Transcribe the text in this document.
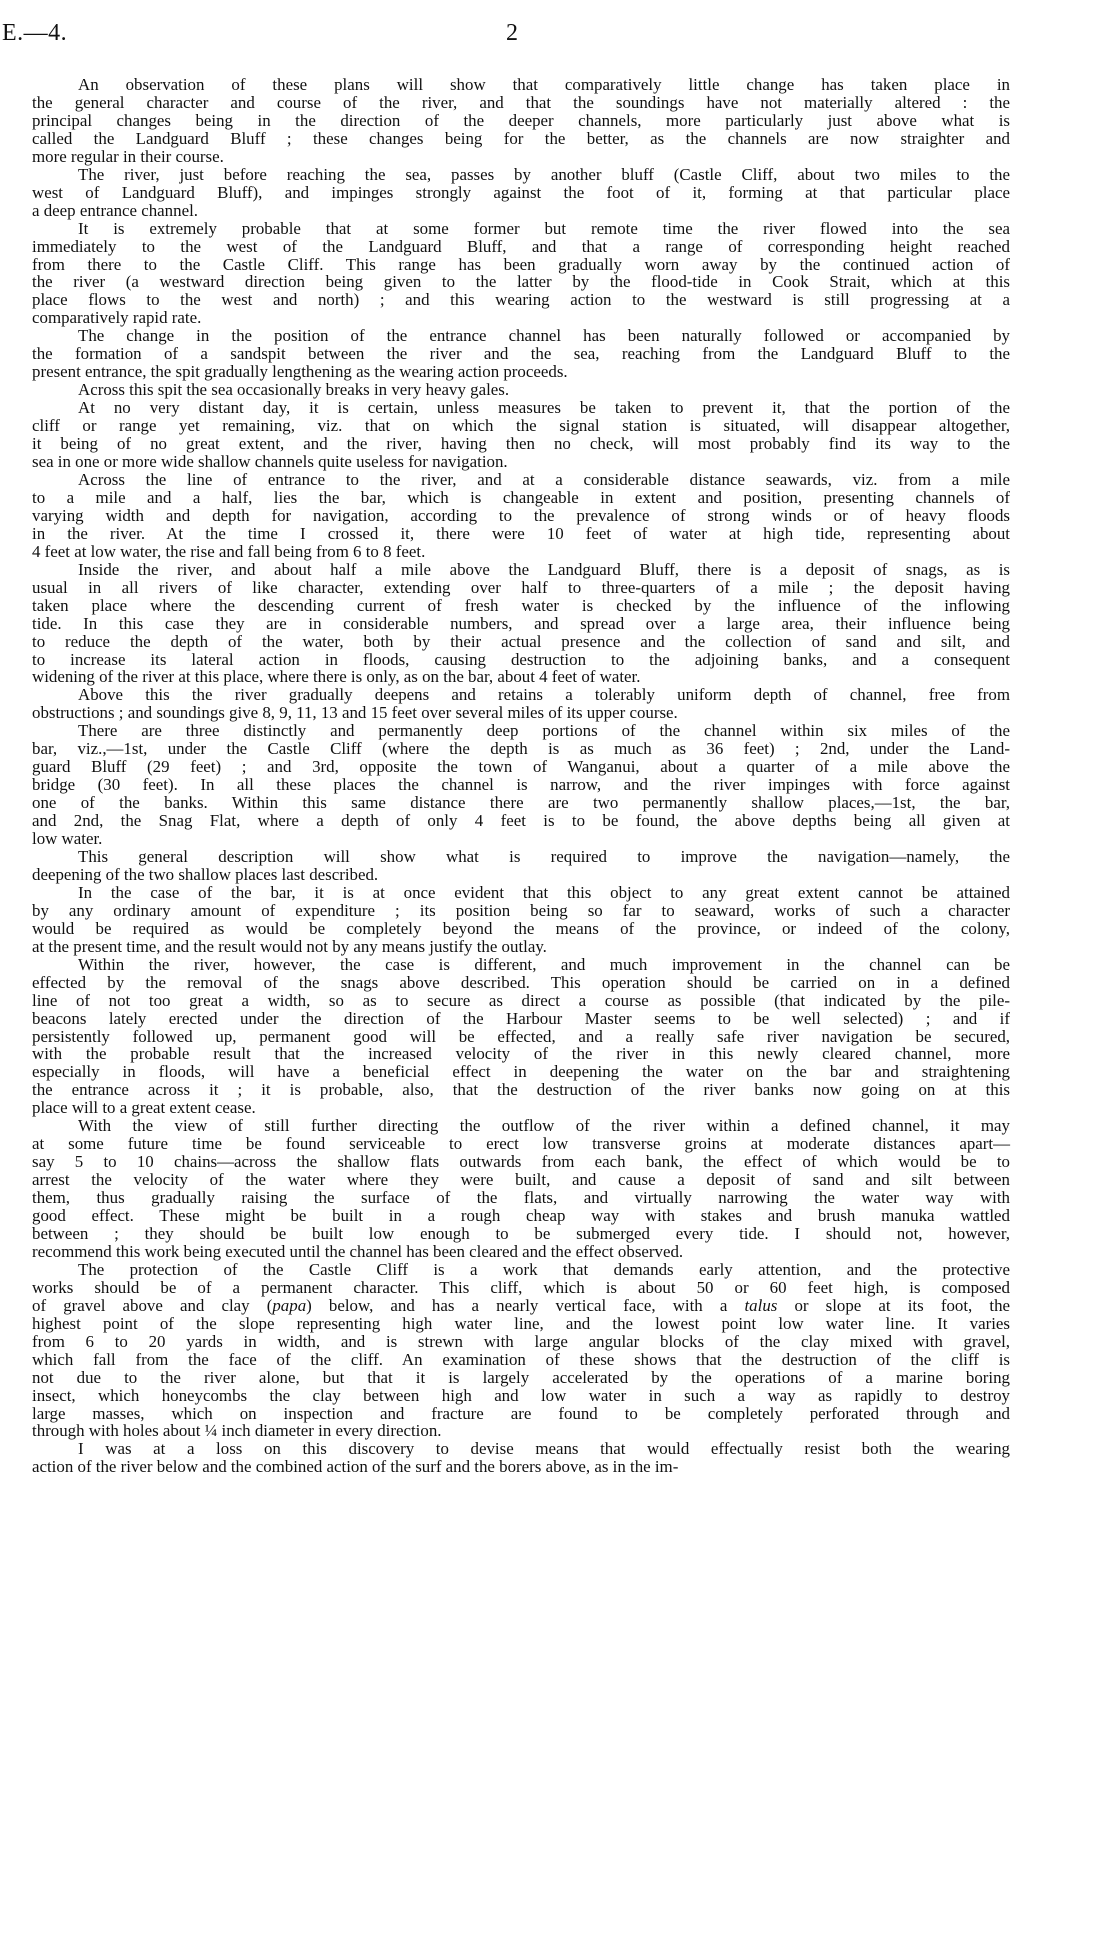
E.—4.	2
An observation of these plans will show that comparatively little change has taken place in
the general character and course of the river, and that the soundings have not materially altered : the
principal changes being in the direction of the deeper channels, more particularly just above what is
called the Landguard Bluff ; these changes being for the better, as the channels are now straighter and
more regular in their course.
The river, just before reaching the sea, passes by another bluff (Castle Cliff, about two miles to the
west of Landguard Bluff), and impinges strongly against the foot of it, forming at that particular place
a deep entrance channel.
It is extremely probable that at some former but remote time the river flowed into the sea
immediately to the west of the Landguard Bluff, and that a range of corresponding height reached
from there to the Castle Cliff. This range has been gradually worn away by the continued action of
the river (a westward direction being given to the latter by the flood-tide in Cook Strait, which at this
place flows to the west and north) ; and this wearing action to the westward is still progressing at a
comparatively rapid rate.
The change in the position of the entrance channel has been naturally followed or accompanied by
the formation of a sandspit between the river and the sea, reaching from the Landguard Bluff to the
present entrance, the spit gradually lengthening as the wearing action proceeds.
Across this spit the sea occasionally breaks in very heavy gales.
At no very distant day, it is certain, unless measures be taken to prevent it, that the portion of the
cliff or range yet remaining, viz. that on which the signal station is situated, will disappear altogether,
it being of no great extent, and the river, having then no check, will most probably find its way to the
sea in one or more wide shallow channels quite useless for navigation.
Across the line of entrance to the river, and at a considerable distance seawards, viz. from a mile
to a mile and a half, lies the bar, which is changeable in extent and position, presenting channels of
varying width and depth for navigation, according to the prevalence of strong winds or of heavy floods
in the river. At the time I crossed it, there were 10 feet of water at high tide, representing about
4 feet at low water, the rise and fall being from 6 to 8 feet.
Inside the river, and about half a mile above the Landguard Bluff, there is a deposit of snags, as is
usual in all rivers of like character, extending over half to three-quarters of a mile ; the deposit having
taken place where the descending current of fresh water is checked by the influence of the inflowing
tide. In this case they are in considerable numbers, and spread over a large area, their influence being
to reduce the depth of the water, both by their actual presence and the collection of sand and silt, and
to increase its lateral action in floods, causing destruction to the adjoining banks, and a consequent
widening of the river at this place, where there is only, as on the bar, about 4 feet of water.
Above this the river gradually deepens and retains a tolerably uniform depth of channel, free from
obstructions ; and soundings give 8, 9, 11, 13 and 15 feet over several miles of its upper course.
There are three distinctly and permanently deep portions of the channel within six miles of the
bar, viz.,—1st, under the Castle Cliff (where the depth is as much as 36 feet) ; 2nd, under the Land-
guard Bluff (29 feet) ; and 3rd, opposite the town of Wanganui, about a quarter of a mile above the
bridge (30 feet). In all these places the channel is narrow, and the river impinges with force against
one of the banks. Within this same distance there are two permanently shallow places,—1st, the bar,
and 2nd, the Snag Flat, where a depth of only 4 feet is to be found, the above depths being all given at
low water.
This general description will show what is required to improve the navigation—namely, the
deepening of the two shallow places last described.
In the case of the bar, it is at once evident that this object to any great extent cannot be attained
by any ordinary amount of expenditure ; its position being so far to seaward, works of such a character
would be required as would be completely beyond the means of the province, or indeed of the colony,
at the present time, and the result would not by any means justify the outlay.
Within the river, however, the case is different, and much improvement in the channel can be
effected by the removal of the snags above described. This operation should be carried on in a defined
line of not too great a width, so as to secure as direct a course as possible (that indicated by the pile-
beacons lately erected under the direction of the Harbour Master seems to be well selected) ; and if
persistently followed up, permanent good will be effected, and a really safe river navigation be secured,
with the probable result that the increased velocity of the river in this newly cleared channel, more
especially in floods, will have a beneficial effect in deepening the water on the bar and straightening
the entrance across it ; it is probable, also, that the destruction of the river banks now going on at this
place will to a great extent cease.
With the view of still further directing the outflow of the river within a defined channel, it may
at some future time be found serviceable to erect low transverse groins at moderate distances apart—
say 5 to 10 chains—across the shallow flats outwards from each bank, the effect of which would be to
arrest the velocity of the water where they were built, and cause a deposit of sand and silt between
them, thus gradually raising the surface of the flats, and virtually narrowing the water way with
good effect. These might be built in a rough cheap way with stakes and brush manuka wattled
between ; they should be built low enough to be submerged every tide. I should not, however,
recommend this work being executed until the channel has been cleared and the effect observed.
The protection of the Castle Cliff is a work that demands early attention, and the protective
works should be of a permanent character. This cliff, which is about 50 or 60 feet high, is composed
of gravel above and clay (papa) below, and has a nearly vertical face, with a talus or slope at its foot, the
highest point of the slope representing high water line, and the lowest point low water line. It varies
from 6 to 20 yards in width, and is strewn with large angular blocks of the clay mixed with gravel,
which fall from the face of the cliff. An examination of these shows that the destruction of the cliff is
not due to the river alone, but that it is largely accelerated by the operations of a marine boring
insect, which honeycombs the clay between high and low water in such a way as rapidly to destroy
large masses, which on inspection and fracture are found to be completely perforated through and
through with holes about ¼ inch diameter in every direction.
I was at a loss on this discovery to devise means that would effectually resist both the wearing
action of the river below and the combined action of the surf and the borers above, as in the im-
